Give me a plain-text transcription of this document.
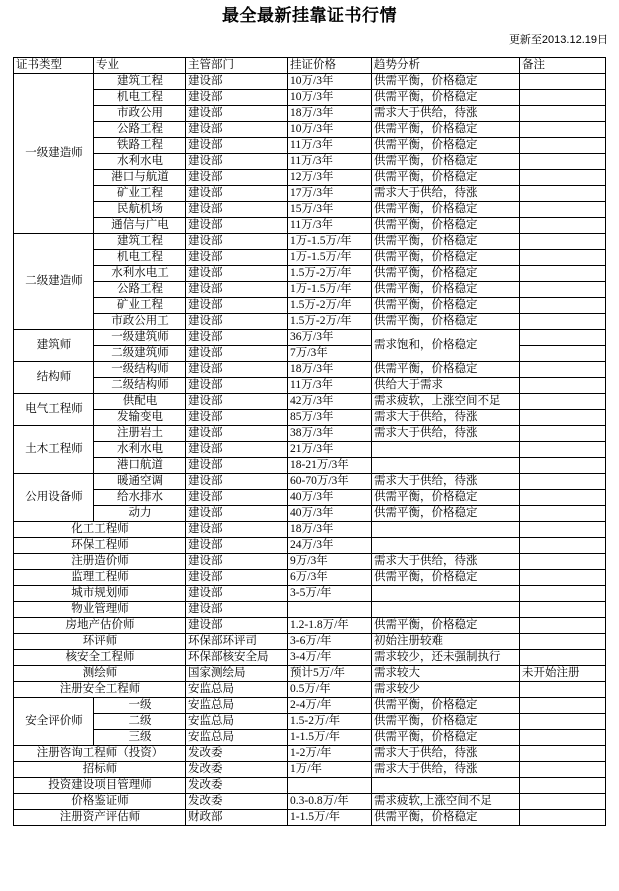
最全最新挂靠证书行情
更新至2013.12.19日
证书类型	专业	主管部门	挂证价格	趋势分析	备注
一级建造师	建筑工程	建设部	10万/3年	供需平衡，价格稳定	

	机电工程	建设部	10万/3年	供需平衡，价格稳定	

	市政公用	建设部	18万/3年	需求大于供给，待涨	

	公路工程	建设部	10万/3年	供需平衡，价格稳定	

	铁路工程	建设部	11万/3年	供需平衡，价格稳定	

	水利水电	建设部	11万/3年	供需平衡，价格稳定	

	港口与航道	建设部	12万/3年	供需平衡，价格稳定	

	矿业工程	建设部	17万/3年	需求大于供给，待涨	

	民航机场	建设部	15万/3年	供需平衡，价格稳定	

	通信与广电	建设部	11万/3年	供需平衡，价格稳定	

二级建造师	建筑工程	建设部	1万-1.5万/年	供需平衡，价格稳定	

	机电工程	建设部	1万-1.5万/年	供需平衡，价格稳定	

	水利水电工	建设部	1.5万-2万/年	供需平衡，价格稳定	

	公路工程	建设部	1万-1.5万/年	供需平衡，价格稳定	

	矿业工程	建设部	1.5万-2万/年	供需平衡，价格稳定	

	市政公用工	建设部	1.5万-2万/年	供需平衡，价格稳定	

建筑师	一级建筑师	建设部	36万/3年	需求饱和，价格稳定	
	二级建筑师	建设部	7万/3年		
结构师	一级结构师	建设部	18万/3年	供需平衡，价格稳定	

	二级结构师	建设部	11万/3年	供给大于需求	

电气工程师	供配电	建设部	42万/3年	需求疲软，上涨空间不足	

	发输变电	建设部	85万/3年	需求大于供给，待涨	

土木工程师	注册岩土	建设部	38万/3年	需求大于供给，待涨	

	水利水电	建设部	21万/3年	

	港口航道	建设部	18-21万/3年	

公用设备师	暖通空调	建设部	60-70万/3年	需求大于供给，待涨	

	给水排水	建设部	40万/3年	供需平衡，价格稳定	

	动力	建设部	40万/3年	供需平衡，价格稳定	

化工工程师		建设部	18万/3年	

环保工程师		建设部	24万/3年	

注册造价师		建设部	9万/3年	需求大于供给，待涨	

监理工程师		建设部	6万/3年	供需平衡，价格稳定	

城市规划师		建设部	3-5万/年	

物业管理师		建设部			

房地产估价师		建设部	1.2-1.8万/年	供需平衡，价格稳定	

环评师		环保部环评司	3-6万/年	初始注册较难	

核安全工程师		环保部核安全局	3-4万/年	需求较少，还未强制执行	

测绘师		国家测绘局	预计5万/年	需求较大	未开始注册
注册安全工程师		安监总局	0.5万/年	需求较少	

安全评价师	一级	安监总局	2-4万/年	供需平衡，价格稳定	

	二级	安监总局	1.5-2万/年	供需平衡，价格稳定	

	三级	安监总局	1-1.5万/年	供需平衡，价格稳定	

注册咨询工程师（投资）		发改委	1-2万/年	需求大于供给，待涨	

招标师		发改委	1万/年	需求大于供给，待涨	

投资建设项目管理师		发改委			

价格鉴证师		发改委	0.3-0.8万/年	需求疲软,上涨空间不足	

注册资产评估师		财政部	1-1.5万/年	供需平衡，价格稳定	
